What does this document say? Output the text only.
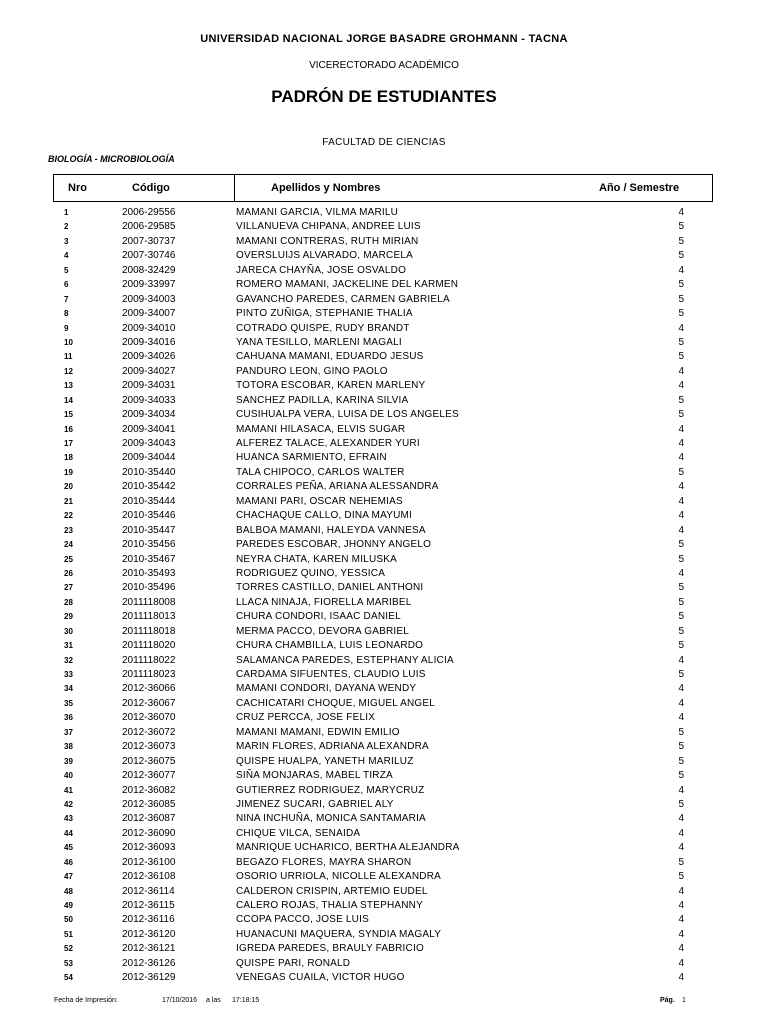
UNIVERSIDAD NACIONAL JORGE BASADRE GROHMANN - TACNA
VICERECTORADO ACADÉMICO
PADRÓN DE ESTUDIANTES
FACULTAD DE CIENCIAS
BIOLOGÍA - MICROBIOLOGÍA
Nro	Código	Apellidos y Nombres	Año / Semestre
1	2006-29556	MAMANI GARCIA, VILMA MARILU	4
2	2006-29585	VILLANUEVA CHIPANA, ANDREE LUIS	5
3	2007-30737	MAMANI CONTRERAS, RUTH MIRIAN	5
4	2007-30746	OVERSLUIJS ALVARADO, MARCELA	5
5	2008-32429	JARECA CHAYÑA, JOSE OSVALDO	4
6	2009-33997	ROMERO MAMANI, JACKELINE DEL KARMEN	5
7	2009-34003	GAVANCHO PAREDES, CARMEN GABRIELA	5
8	2009-34007	PINTO ZUÑIGA, STEPHANIE THALIA	5
9	2009-34010	COTRADO QUISPE, RUDY BRANDT	4
10	2009-34016	YANA TESILLO, MARLENI MAGALI	5
11	2009-34026	CAHUANA MAMANI, EDUARDO JESUS	5
12	2009-34027	PANDURO LEON, GINO PAOLO	4
13	2009-34031	TOTORA ESCOBAR, KAREN MARLENY	4
14	2009-34033	SANCHEZ PADILLA, KARINA SILVIA	5
15	2009-34034	CUSIHUALPA VERA, LUISA DE LOS ANGELES	5
16	2009-34041	MAMANI HILASACA, ELVIS SUGAR	4
17	2009-34043	ALFEREZ TALACE, ALEXANDER YURI	4
18	2009-34044	HUANCA SARMIENTO, EFRAIN	4
19	2010-35440	TALA CHIPOCO, CARLOS WALTER	5
20	2010-35442	CORRALES PEÑA, ARIANA ALESSANDRA	4
21	2010-35444	MAMANI PARI, OSCAR NEHEMIAS	4
22	2010-35446	CHACHAQUE CALLO, DINA MAYUMI	4
23	2010-35447	BALBOA MAMANI, HALEYDA VANNESA	4
24	2010-35456	PAREDES ESCOBAR, JHONNY ANGELO	5
25	2010-35467	NEYRA CHATA, KAREN MILUSKA	5
26	2010-35493	RODRIGUEZ QUINO, YESSICA	4
27	2010-35496	TORRES CASTILLO, DANIEL ANTHONI	5
28	2011118008	LLACA NINAJA, FIORELLA MARIBEL	5
29	2011118013	CHURA CONDORI, ISAAC DANIEL	5
30	2011118018	MERMA PACCO, DEVORA GABRIEL	5
31	2011118020	CHURA CHAMBILLA, LUIS LEONARDO	5
32	2011118022	SALAMANCA PAREDES, ESTEPHANY ALICIA	4
33	2011118023	CARDAMA SIFUENTES, CLAUDIO LUIS	5
34	2012-36066	MAMANI CONDORI, DAYANA WENDY	4
35	2012-36067	CACHICATARI CHOQUE, MIGUEL ANGEL	4
36	2012-36070	CRUZ PERCCA, JOSE FELIX	4
37	2012-36072	MAMANI MAMANI, EDWIN EMILIO	5
38	2012-36073	MARIN FLORES, ADRIANA ALEXANDRA	5
39	2012-36075	QUISPE HUALPA, YANETH MARILUZ	5
40	2012-36077	SIÑA MONJARAS, MABEL TIRZA	5
41	2012-36082	GUTIERREZ RODRIGUEZ, MARYCRUZ	4
42	2012-36085	JIMENEZ SUCARI, GABRIEL ALY	5
43	2012-36087	NINA INCHUÑA, MONICA SANTAMARIA	4
44	2012-36090	CHIQUE VILCA, SENAIDA	4
45	2012-36093	MANRIQUE UCHARICO, BERTHA ALEJANDRA	4
46	2012-36100	BEGAZO FLORES, MAYRA SHARON	5
47	2012-36108	OSORIO URRIOLA, NICOLLE ALEXANDRA	5
48	2012-36114	CALDERON CRISPIN, ARTEMIO EUDEL	4
49	2012-36115	CALERO ROJAS, THALIA STEPHANNY	4
50	2012-36116	CCOPA PACCO, JOSE LUIS	4
51	2012-36120	HUANACUNI MAQUERA, SYNDIA MAGALY	4
52	2012-36121	IGREDA PAREDES, BRAULY FABRICIO	4
53	2012-36126	QUISPE PARI, RONALD	4
54	2012-36129	VENEGAS CUAILA, VICTOR HUGO	4
Fecha de Impresión:	17/10/2016 a las 17:18:15	Pág. 1
